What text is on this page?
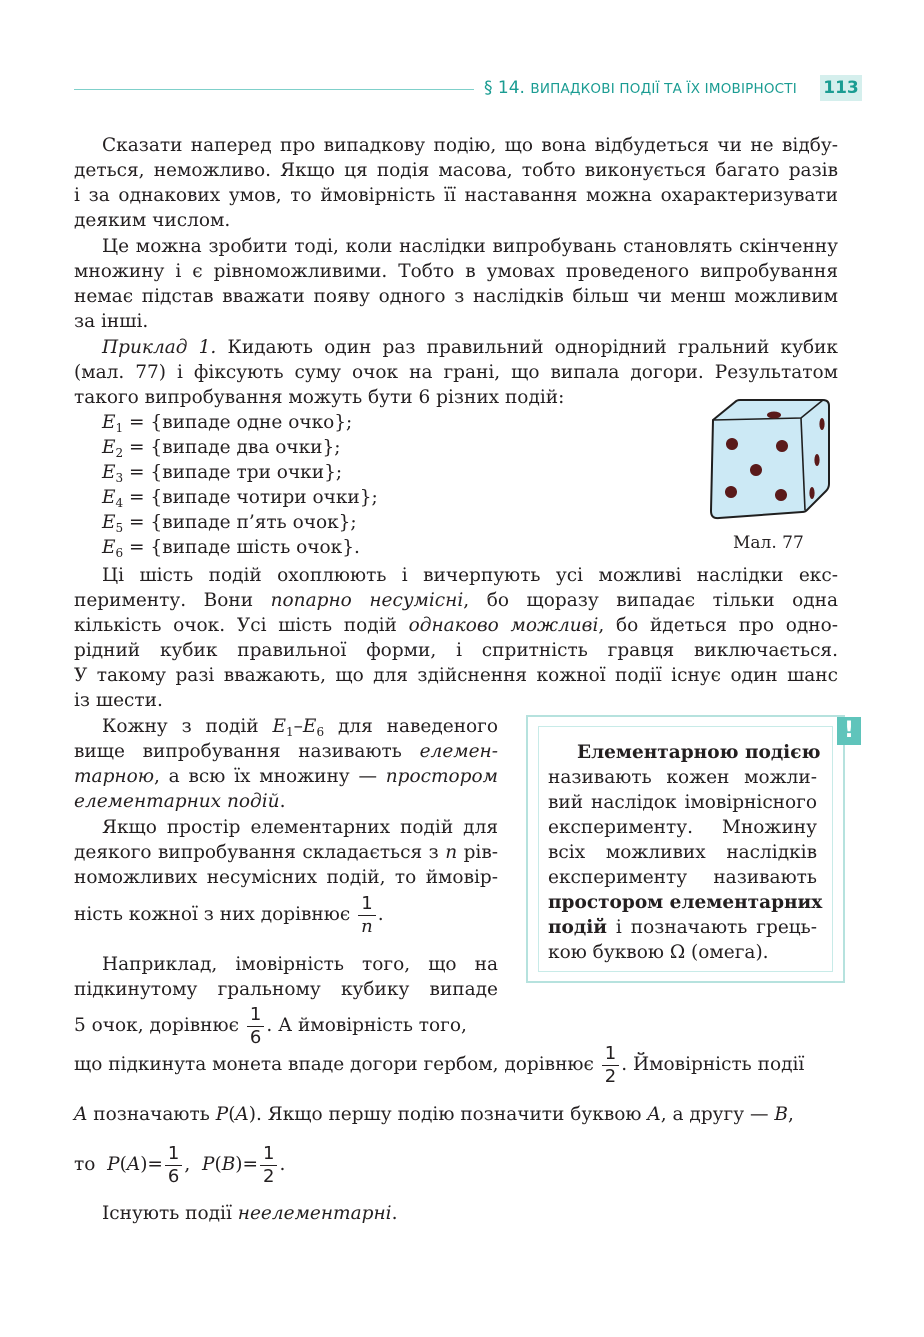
§ 14. ВИПАДКОВІ ПОДІЇ ТА ЇХ ІМОВІРНОСТІ 113
Сказати наперед про випадкову подію, що вона відбудеться чи не відбу-
деться, неможливо. Якщо ця подія масова, тобто виконується багато разів
і за однакових умов, то ймовірність її наставання можна охарактеризувати
деяким числом.
Це можна зробити тоді, коли наслідки випробувань становлять скінченну
множину і є рівноможливими. Тобто в умовах проведеного випробування
немає підстав вважати появу одного з наслідків більш чи менш можливим
за інші.
Приклад 1. Кидають один раз правильний однорідний гральний кубик
(мал. 77) і фіксують суму очок на грані, що випала догори. Результатом
такого випробування можуть бути 6 різних подій:
$E_1$ = {випаде одне очко};
$E_2$ = {випаде два очки};
$E_3$ = {випаде три очки};
$E_4$ = {випаде чотири очки};
$E_5$ = {випаде п’ять очок};
$E_6$ = {випаде шість очок}.	Мал. 77
Ці шість подій охоплюють і вичерпують усі можливі наслідки екс-
перименту. Вони попарно несумісні, бо щоразу випадає тільки одна
кількість очок. Усі шість подій однаково можливі, бо йдеться про одно-
рідний кубик правильної форми, і спритність гравця виключається.
У такому разі вважають, що для здійснення кожної події існує один шанс
із шести.
Кожну з подій $E_1-E_6$ для наведеного
вище випробування називають елемен-
тарною, а всю їх множину — простором
елементарних подій.
Якщо простір елементарних подій для
деякого випробування складається з n рів-
номожливих несумісних подій, то ймовір-
ність кожної з них дорівнює $\frac{1}{n}$ .
Наприклад, імовірність того, що на
підкинутому гральному кубику випаде
5 очок, дорівнює $\frac{1}{6}$ . А ймовірність того,
що підкинута монета впаде догори гербом, дорівнює $\frac{1}{2}$ . Ймовірність події
A позначають P(A). Якщо першу подію позначити буквою A, а другу — B,
то $P(A)= \frac{1}{6}$ ,  $P(B)= \frac{1}{2}$ .
Існують події неелементарні.
!
Елементарною подією
називають кожен можли-
вий наслідок імовірнісного
експерименту. Множину
всіх можливих наслідків
експерименту називають
простором елементарних
подій і позначають грець-
кою буквою Ω (омега).
